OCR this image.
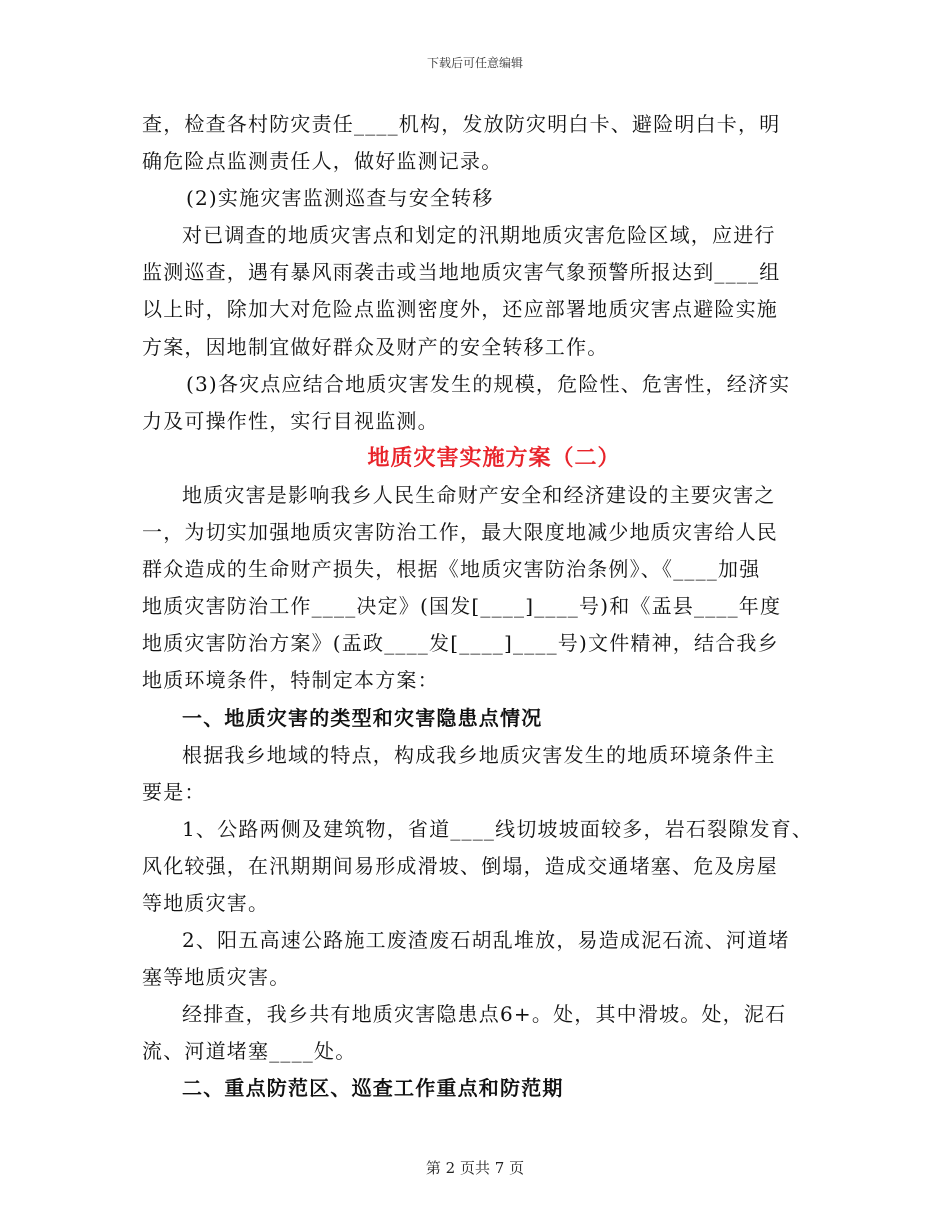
下载后可任意编辑
查，检查各村防灾责任____机构，发放防灾明白卡、避险明白卡，明
确危险点监测责任人，做好监测记录。
(2)实施灾害监测巡查与安全转移
对已调查的地质灾害点和划定的汛期地质灾害危险区域，应进行
监测巡查，遇有暴风雨袭击或当地地质灾害气象预警所报达到____组
以上时，除加大对危险点监测密度外，还应部署地质灾害点避险实施
方案，因地制宜做好群众及财产的安全转移工作。
(3)各灾点应结合地质灾害发生的规模，危险性、危害性，经济实
力及可操作性，实行目视监测。
地质灾害实施方案（二）
地质灾害是影响我乡人民生命财产安全和经济建设的主要灾害之
一，为切实加强地质灾害防治工作，最大限度地减少地质灾害给人民
群众造成的生命财产损失，根据《地质灾害防治条例》、《____加强
地质灾害防治工作____决定》(国发[____]____号)和《盂县____年度
地质灾害防治方案》(盂政____发[____]____号)文件精神，结合我乡
地质环境条件，特制定本方案：
一、地质灾害的类型和灾害隐患点情况
根据我乡地域的特点，构成我乡地质灾害发生的地质环境条件主
要是：
1、公路两侧及建筑物，省道____线切坡坡面较多，岩石裂隙发育、
风化较强，在汛期期间易形成滑坡、倒塌，造成交通堵塞、危及房屋
等地质灾害。
2、阳五高速公路施工废渣废石胡乱堆放，易造成泥石流、河道堵
塞等地质灾害。
经排查，我乡共有地质灾害隐患点6+。处，其中滑坡。处，泥石
流、河道堵塞____处。
二、重点防范区、巡查工作重点和防范期
第 2 页共 7 页
